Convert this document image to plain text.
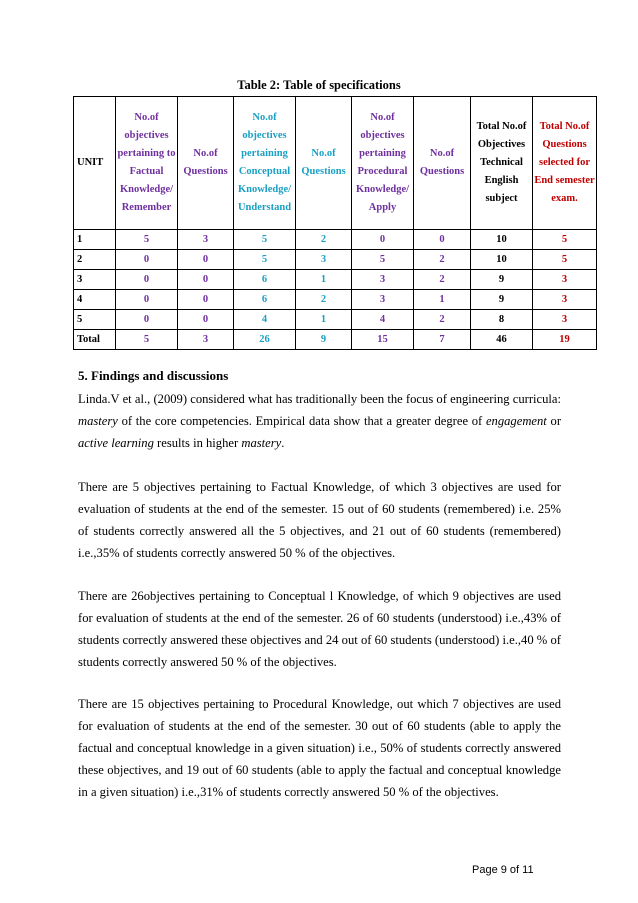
Table 2: Table of specifications
UNIT	No.of objectives pertaining to Factual Knowledge/ Remember	No.of Questions	No.of objectives pertaining Conceptual Knowledge/ Understand	No.of Questions	No.of objectives pertaining Procedural Knowledge/ Apply	No.of Questions	Total No.of Objectives Technical English subject	Total No.of Questions selected for End semester exam.
1	5	3	5	2	0	0	10	5
2	0	0	5	3	5	2	10	5
3	0	0	6	1	3	2	9	3
4	0	0	6	2	3	1	9	3
5	0	0	4	1	4	2	8	3
Total	5	3	26	9	15	7	46	19
5. Findings and discussions
Linda.V et al., (2009) considered what has traditionally been the focus of engineering curricula: mastery of the core competencies. Empirical data show that a greater degree of engagement or active learning results in higher mastery.
There are 5 objectives pertaining to Factual Knowledge, of which 3 objectives are used for evaluation of students at the end of the semester. 15 out of 60 students (remembered) i.e. 25% of students correctly answered all the 5 objectives, and 21 out of 60 students (remembered) i.e.,35% of students correctly answered 50 % of the objectives.
There are 26objectives pertaining to Conceptual l Knowledge, of which 9 objectives are used for evaluation of students at the end of the semester. 26 of 60 students (understood) i.e.,43% of students correctly answered these objectives and 24 out of 60 students (understood) i.e.,40 % of students correctly answered 50 % of the objectives.
There are 15 objectives pertaining to Procedural Knowledge, out which 7 objectives are used for evaluation of students at the end of the semester. 30 out of 60 students (able to apply the factual and conceptual knowledge in a given situation) i.e., 50% of students correctly answered these objectives, and 19 out of 60 students (able to apply the factual and conceptual knowledge in a given situation) i.e.,31% of students correctly answered 50 % of the objectives.
Page 9 of 11
